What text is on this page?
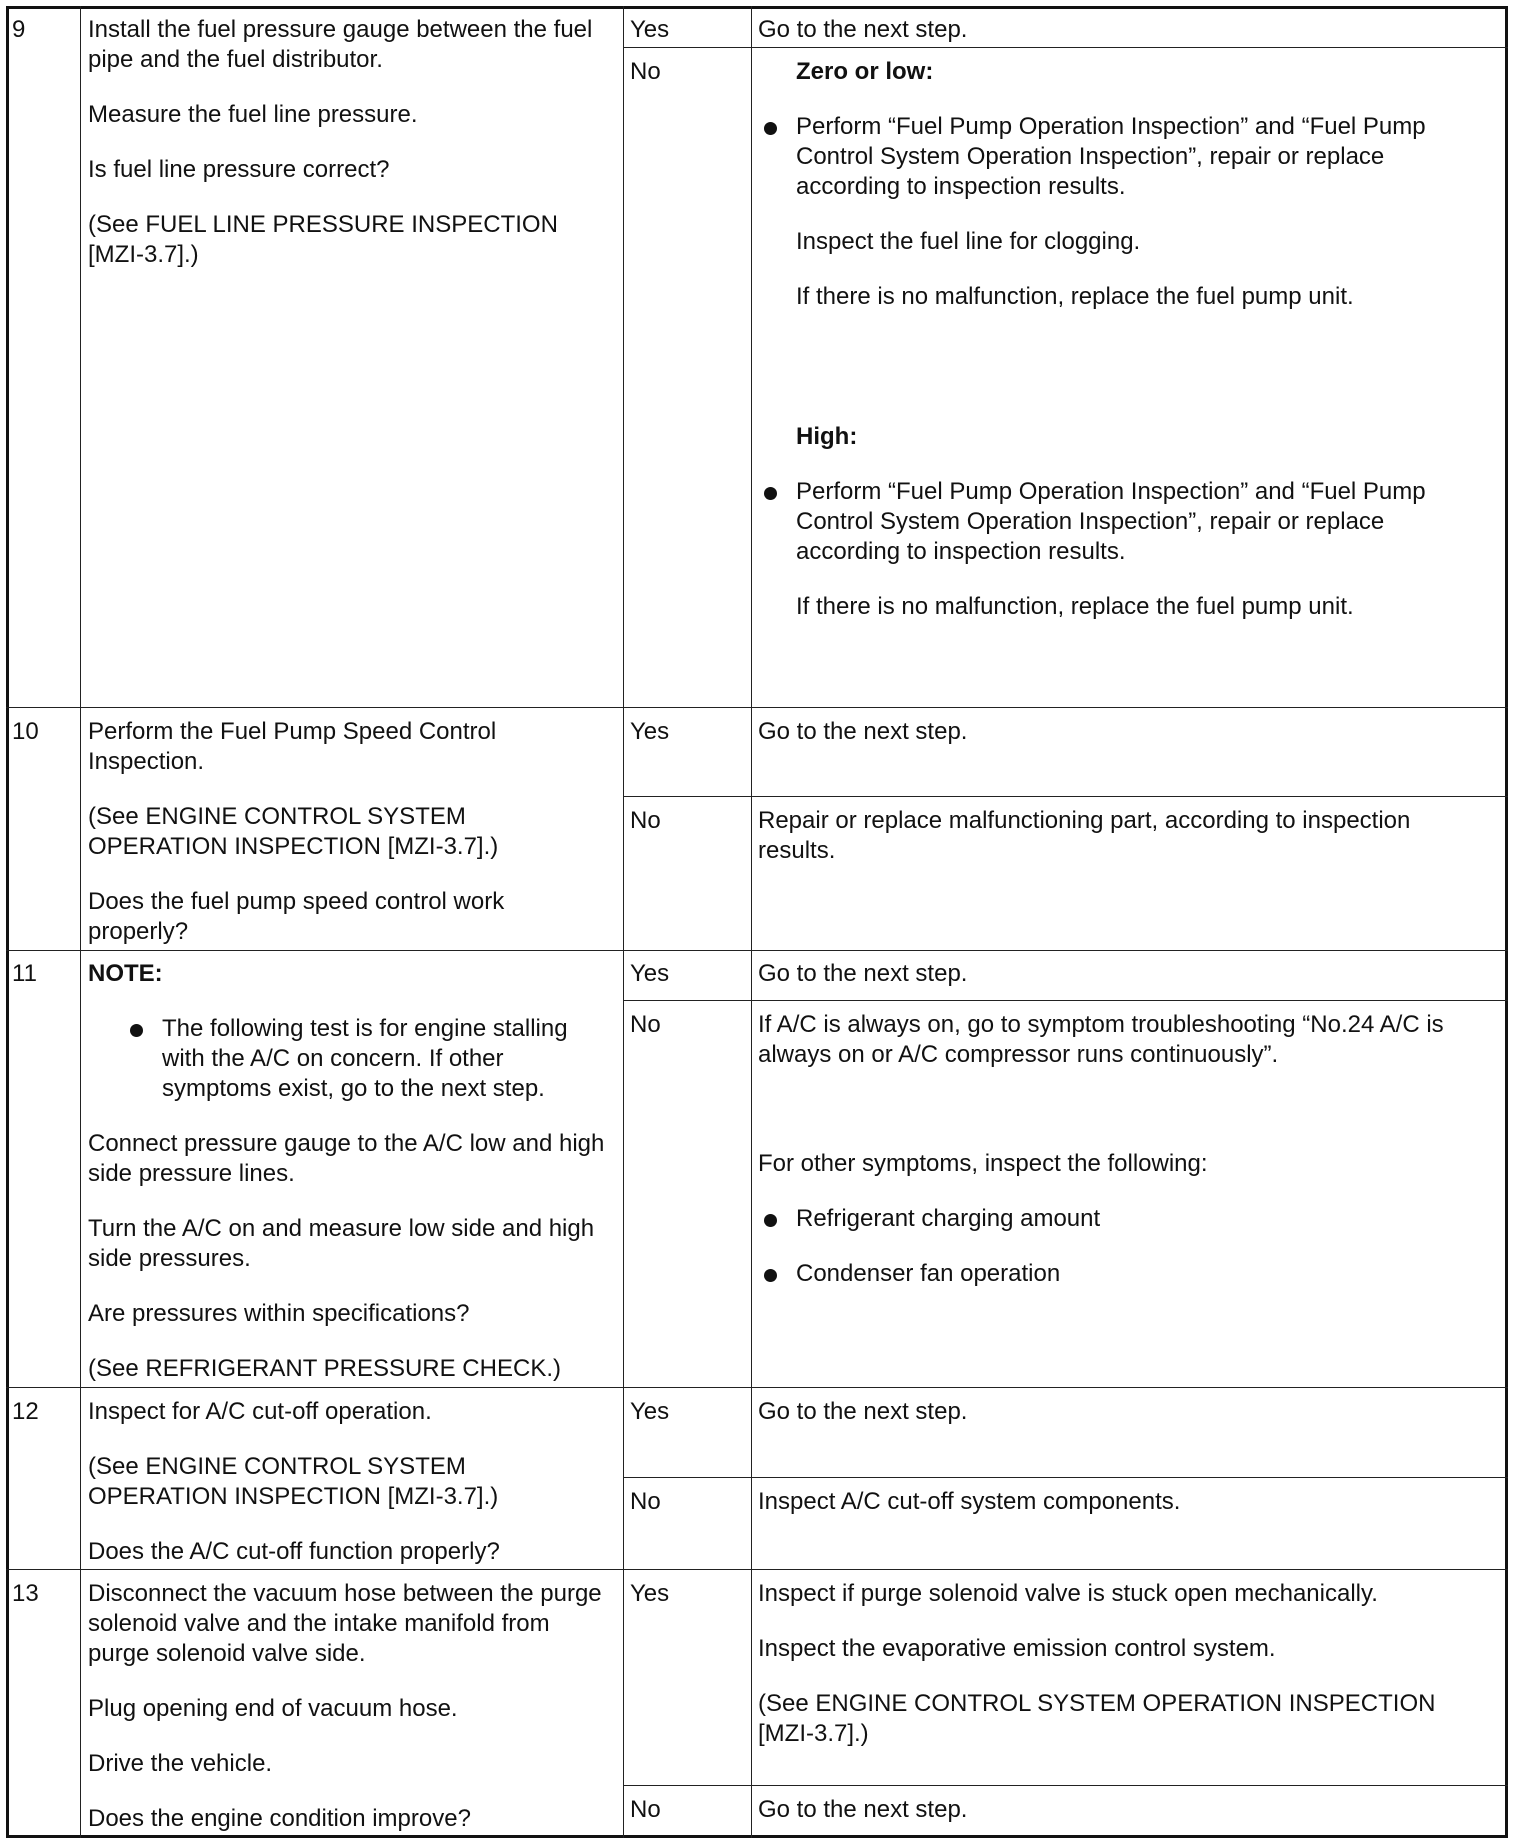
9	Install the fuel pressure gauge between the fuel pipe and the fuel distributor.

Measure the fuel line pressure.

Is fuel line pressure correct?

(See FUEL LINE PRESSURE INSPECTION [MZI-3.7].)

Yes	Go to the next step.
No	Zero or low:
Perform “Fuel Pump Operation Inspection” and “Fuel Pump Control System Operation Inspection”, repair or replace according to inspection results.
Inspect the fuel line for clogging.
If there is no malfunction, replace the fuel pump unit.
High:
Perform “Fuel Pump Operation Inspection” and “Fuel Pump Control System Operation Inspection”, repair or replace according to inspection results.
If there is no malfunction, replace the fuel pump unit.
10 Perform the Fuel Pump Speed Control Inspection.

(See ENGINE CONTROL SYSTEM OPERATION INSPECTION [MZI-3.7].)

Does the fuel pump speed control work properly?

Yes	Go to the next step.
No	Repair or replace malfunctioning part, according to inspection results.
11 NOTE:

The following test is for engine stalling with the A/C on concern. If other symptoms exist, go to the next step.

Connect pressure gauge to the A/C low and high side pressure lines.

Turn the A/C on and measure low side and high side pressures.

Are pressures within specifications?

(See REFRIGERANT PRESSURE CHECK.)

Yes	Go to the next step.
No	If A/C is always on, go to symptom troubleshooting “No.24 A/C is always on or A/C compressor runs continuously”.
For other symptoms, inspect the following:
Refrigerant charging amount
Condenser fan operation
12 Inspect for A/C cut-off operation.

(See ENGINE CONTROL SYSTEM OPERATION INSPECTION [MZI-3.7].)

Does the A/C cut-off function properly?

Yes	Go to the next step.
No	Inspect A/C cut-off system components.
13 Disconnect the vacuum hose between the purge solenoid valve and the intake manifold from purge solenoid valve side.

Plug opening end of vacuum hose.

Drive the vehicle.

Does the engine condition improve?

Yes	Inspect if purge solenoid valve is stuck open mechanically.

Inspect the evaporative emission control system.

(See ENGINE CONTROL SYSTEM OPERATION INSPECTION [MZI-3.7].)

No	Go to the next step.
